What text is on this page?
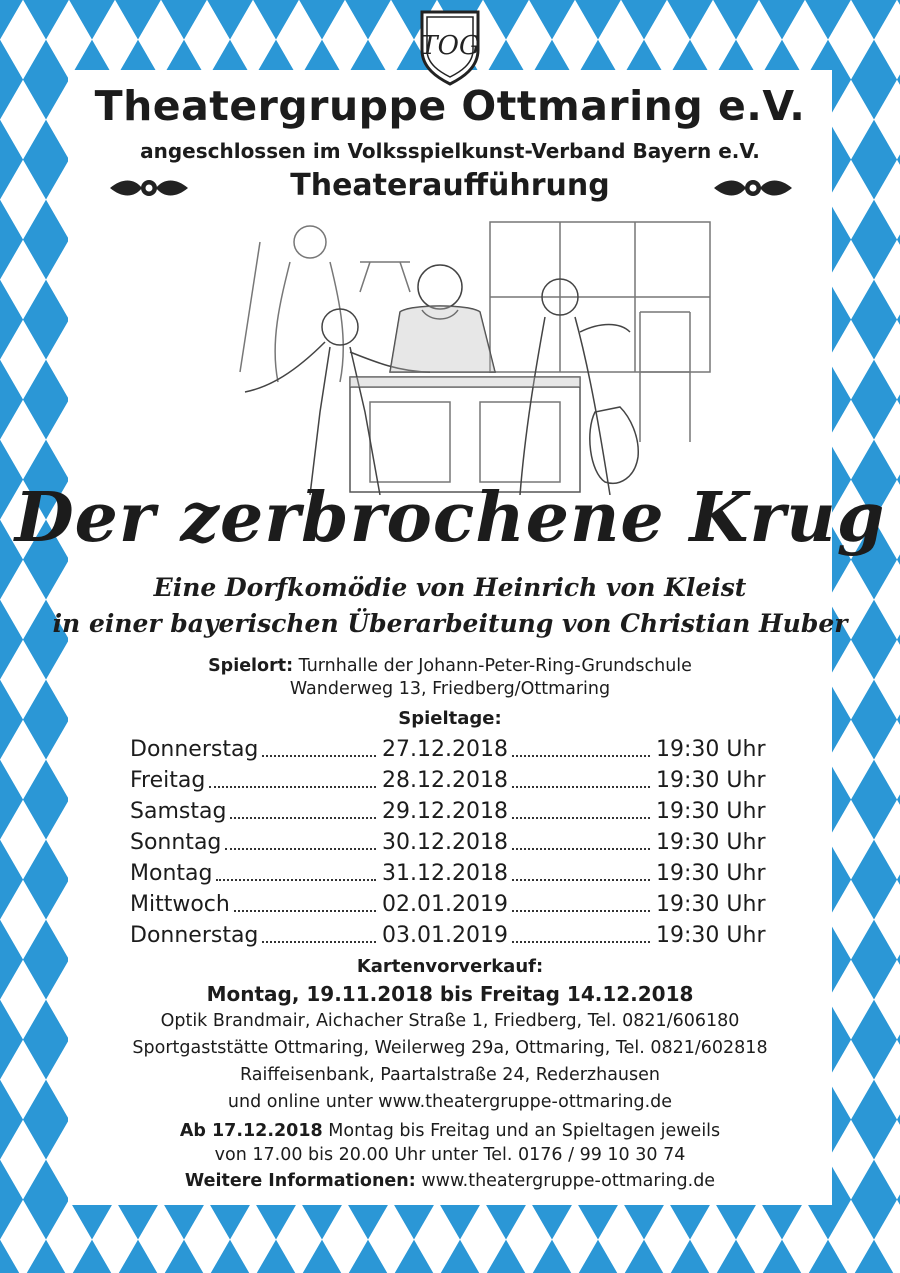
TOG
Theatergruppe Ottmaring e.V.
angeschlossen im Volksspielkunst-Verband Bayern e.V.
Theateraufführung
Der zerbrochene Krug
Eine Dorfkomödie von Heinrich von Kleist
in einer bayerischen Überarbeitung von Christian Huber
Spielort: Turnhalle der Johann-Peter-Ring-Grundschule
Wanderweg 13, Friedberg/Ottmaring
Spieltage:
Donnerstag	27.12.2018	19:30 Uhr
Freitag	28.12.2018	19:30 Uhr
Samstag	29.12.2018	19:30 Uhr
Sonntag	30.12.2018	19:30 Uhr
Montag	31.12.2018	19:30 Uhr
Mittwoch	02.01.2019	19:30 Uhr
Donnerstag	03.01.2019	19:30 Uhr
Kartenvorverkauf:
Montag, 19.11.2018 bis Freitag 14.12.2018
Optik Brandmair, Aichacher Straße 1, Friedberg, Tel. 0821/606180
Sportgaststätte Ottmaring, Weilerweg 29a, Ottmaring, Tel. 0821/602818
Raiffeisenbank, Paartalstraße 24, Rederzhausen
und online unter www.theatergruppe-ottmaring.de
Ab 17.12.2018 Montag bis Freitag und an Spieltagen jeweils
von 17.00 bis 20.00 Uhr unter Tel. 0176 / 99 10 30 74
Weitere Informationen: www.theatergruppe-ottmaring.de
